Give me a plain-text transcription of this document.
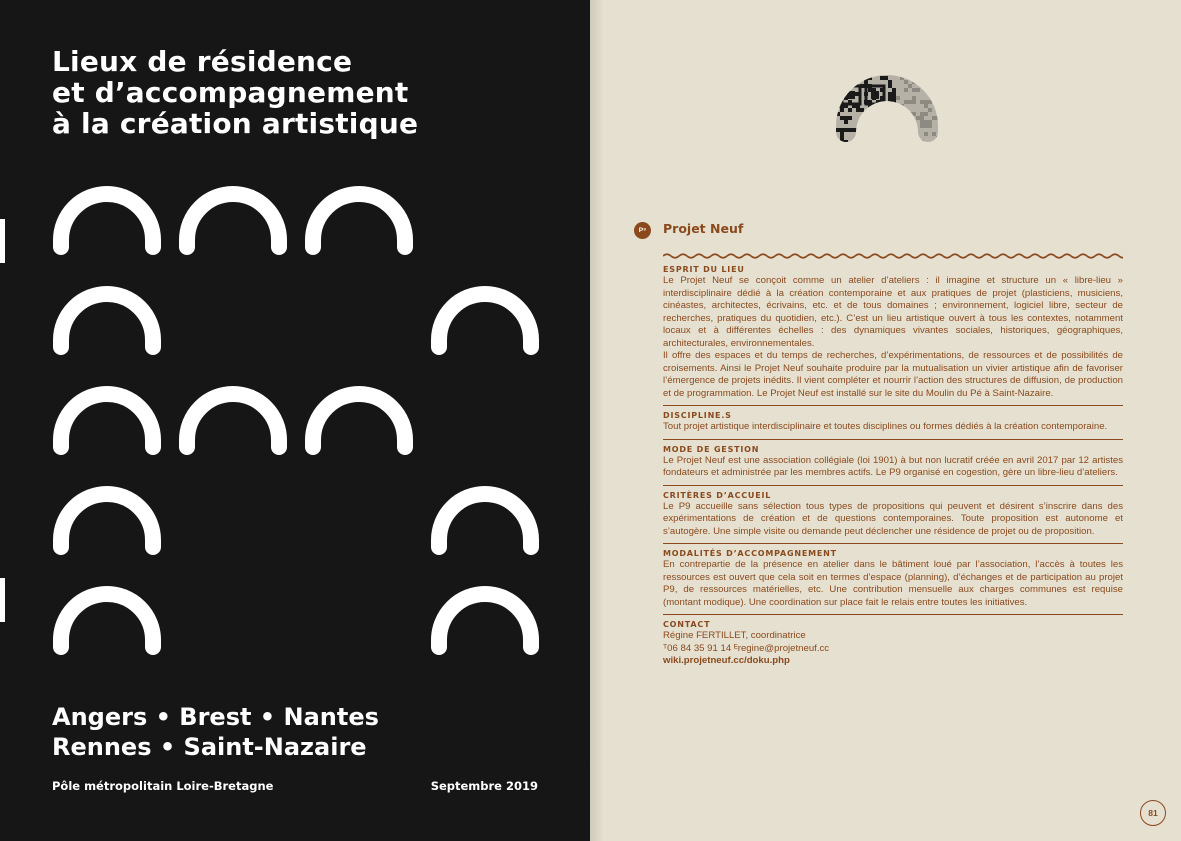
Lieux de résidence
et d’accompagnement
à la création artistique
Angers • Brest • Nantes
Rennes • Saint-Nazaire
Pôle métropolitain Loire-Bretagne	Septembre 2019
P⁹	Projet Neuf
ESPRIT DU LIEU
Le Projet Neuf se conçoit comme un atelier d’ateliers : il imagine et structure un « libre-lieu » interdisciplinaire dédié à la création contemporaine et aux pratiques de projet (plasticiens, musiciens, cinéastes, architectes, écrivains, etc. et de tous domaines ; environnement, logiciel libre, secteur de recherches, pratiques du quotidien, etc.). C’est un lieu artistique ouvert à tous les contextes, notamment locaux et à différentes échelles : des dynamiques vivantes sociales, historiques, géographiques, architecturales, environnementales.
Il offre des espaces et du temps de recherches, d’expérimentations, de ressources et de possibilités de croisements. Ainsi le Projet Neuf souhaite produire par la mutualisation un vivier artistique afin de favoriser l’émergence de projets inédits. Il vient compléter et nourrir l’action des structures de diffusion, de production et de programmation. Le Projet Neuf est installé sur le site du Moulin du Pé à Saint-Nazaire.
DISCIPLINE.S
Tout projet artistique interdisciplinaire et toutes disciplines ou formes dédiés à la création contemporaine.
MODE DE GESTION
Le Projet Neuf est une association collégiale (loi 1901) à but non lucratif créée en avril 2017 par 12 artistes fondateurs et administrée par les membres actifs. Le P9 organisé en cogestion, gère un libre-lieu d’ateliers.
CRITÈRES D’ACCUEIL
Le P9 accueille sans sélection tous types de propositions qui peuvent et désirent s’inscrire dans des expérimentations de création et de questions contemporaines. Toute proposition est autonome et s’autogère. Une simple visite ou demande peut déclencher une résidence de projet ou de proposition.
MODALITÉS D’ACCOMPAGNEMENT
En contrepartie de la présence en atelier dans le bâtiment loué par l’association, l’accès à toutes les ressources est ouvert que cela soit en termes d’espace (planning), d’échanges et de participation au projet P9, de ressources matérielles, etc. Une contribution mensuelle aux charges communes est requise (montant modique). Une coordination sur place fait le relais entre toutes les initiatives.
CONTACT
Régine FERTILLET, coordinatrice
ᵀ06 84 35 91 14 ᴱregine@projetneuf.cc
wiki.projetneuf.cc/doku.php
81
